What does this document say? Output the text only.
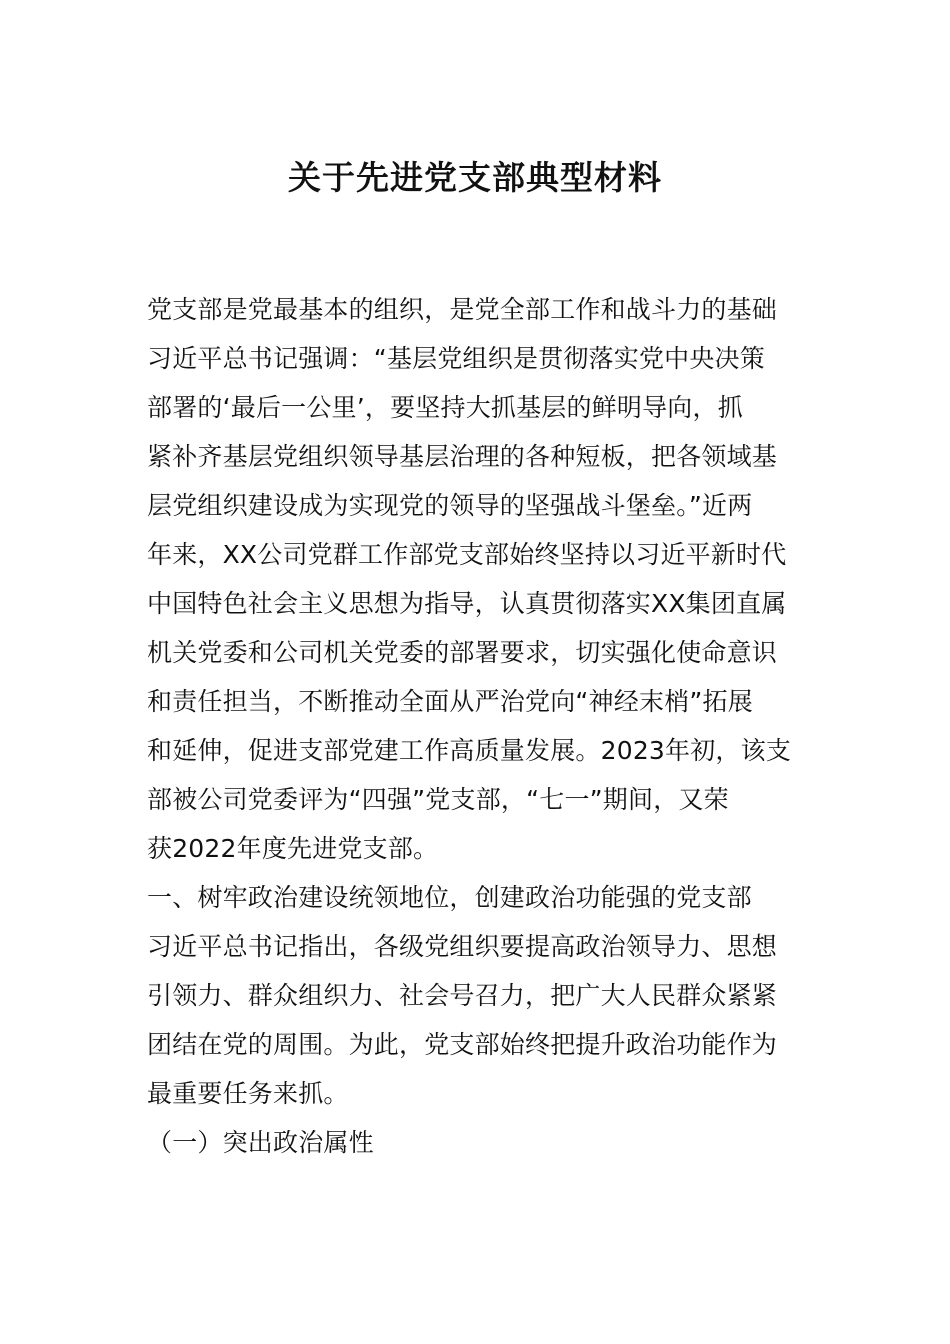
关于先进党支部典型材料
党支部是党最基本的组织，是党全部工作和战斗力的基础
习近平总书记强调：“基层党组织是贯彻落实党中央决策
部署的‘最后一公里’，要坚持大抓基层的鲜明导向，抓
紧补齐基层党组织领导基层治理的各种短板，把各领域基
层党组织建设成为实现党的领导的坚强战斗堡垒。”近两
年来，XX公司党群工作部党支部始终坚持以习近平新时代
中国特色社会主义思想为指导，认真贯彻落实XX集团直属
机关党委和公司机关党委的部署要求，切实强化使命意识
和责任担当，不断推动全面从严治党向“神经末梢”拓展
和延伸，促进支部党建工作高质量发展。2023年初，该支
部被公司党委评为“四强”党支部，“七一”期间，又荣
获2022年度先进党支部。
一、树牢政治建设统领地位，创建政治功能强的党支部
习近平总书记指出，各级党组织要提高政治领导力、思想
引领力、群众组织力、社会号召力，把广大人民群众紧紧
团结在党的周围。为此，党支部始终把提升政治功能作为
最重要任务来抓。
（一）突出政治属性
